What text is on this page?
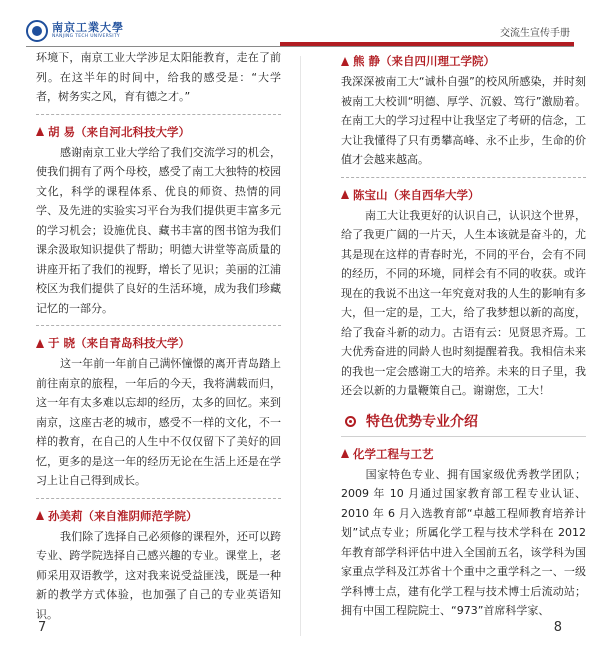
南京工業大學
NANJING TECH UNIVERSITY	交流生宣传手册

环境下，南京工业大学涉足太阳能教育，走在了前列。在这半年的时间中，给我的感受是：“大学者，树务实之风，育有德之才。”

胡 易（来自河北科技大学）

感谢南京工业大学给了我们交流学习的机会，使我们拥有了两个母校，感受了南工大独特的校园文化，科学的课程体系、优良的师资、热情的同学、及先进的实验实习平台为我们提供更丰富多元的学习机会；设施优良、藏书丰富的图书馆为我们课余汲取知识提供了帮助；明德大讲堂等高质量的讲座开拓了我们的视野，增长了见识；美丽的江浦校区为我们提供了良好的生活环境，成为我们珍藏记忆的一部分。

于 晓（来自青岛科技大学）

这一年前一年前自己满怀憧憬的离开青岛踏上前往南京的旅程，一年后的今天，我将满载而归，这一年有太多难以忘却的经历，太多的回忆。来到南京，这座古老的城市，感受不一样的文化，不一样的教育，在自己的人生中不仅仅留下了美好的回忆，更多的是这一年的经历无论在生活上还是在学习上让自己得到成长。

孙美莉（来自淮阴师范学院）

我们除了选择自己必须修的课程外，还可以跨专业、跨学院选择自己感兴趣的专业。课堂上，老师采用双语教学，这对我来说受益匪浅，既是一种新的教学方式体验，也加强了自己的专业英语知识。

熊 静（来自四川理工学院）

我深深被南工大“诚朴自强”的校风所感染，并时刻被南工大校训“明德、厚学、沉毅、笃行”激励着。在南工大的学习过程中让我坚定了考研的信念，工大让我懂得了只有勇攀高峰、永不止步，生命的价值才会越来越高。

陈宝山（来自西华大学）

南工大让我更好的认识自己，认识这个世界，给了我更广阔的一片天，人生本该就是奋斗的，尤其是现在这样的青春时光，不同的平台，会有不同的经历，不同的环境，同样会有不同的收获。或许现在的我说不出这一年究竟对我的人生的影响有多大，但一定的是，工大，给了我梦想以新的高度，给了我奋斗新的动力。古语有云：见贤思齐焉。工大优秀奋进的同龄人也时刻提醒着我。我相信未来的我也一定会感谢工大的培养。未来的日子里，我还会以新的力量鞭策自己。谢谢您，工大！

特色优势专业介绍
化学工程与工艺

国家特色专业、拥有国家级优秀教学团队；2009 年 10 月通过国家教育部工程专业认证、2010 年 6 月入选教育部“卓越工程师教育培养计划”试点专业；所属化学工程与技术学科在 2012 年教育部学科评估中进入全国前五名，该学科为国家重点学科及江苏省十个重中之重学科之一、一级学科博士点，建有化学工程与技术博士后流动站；拥有中国工程院院士、“973”首席科学家、

7	8
